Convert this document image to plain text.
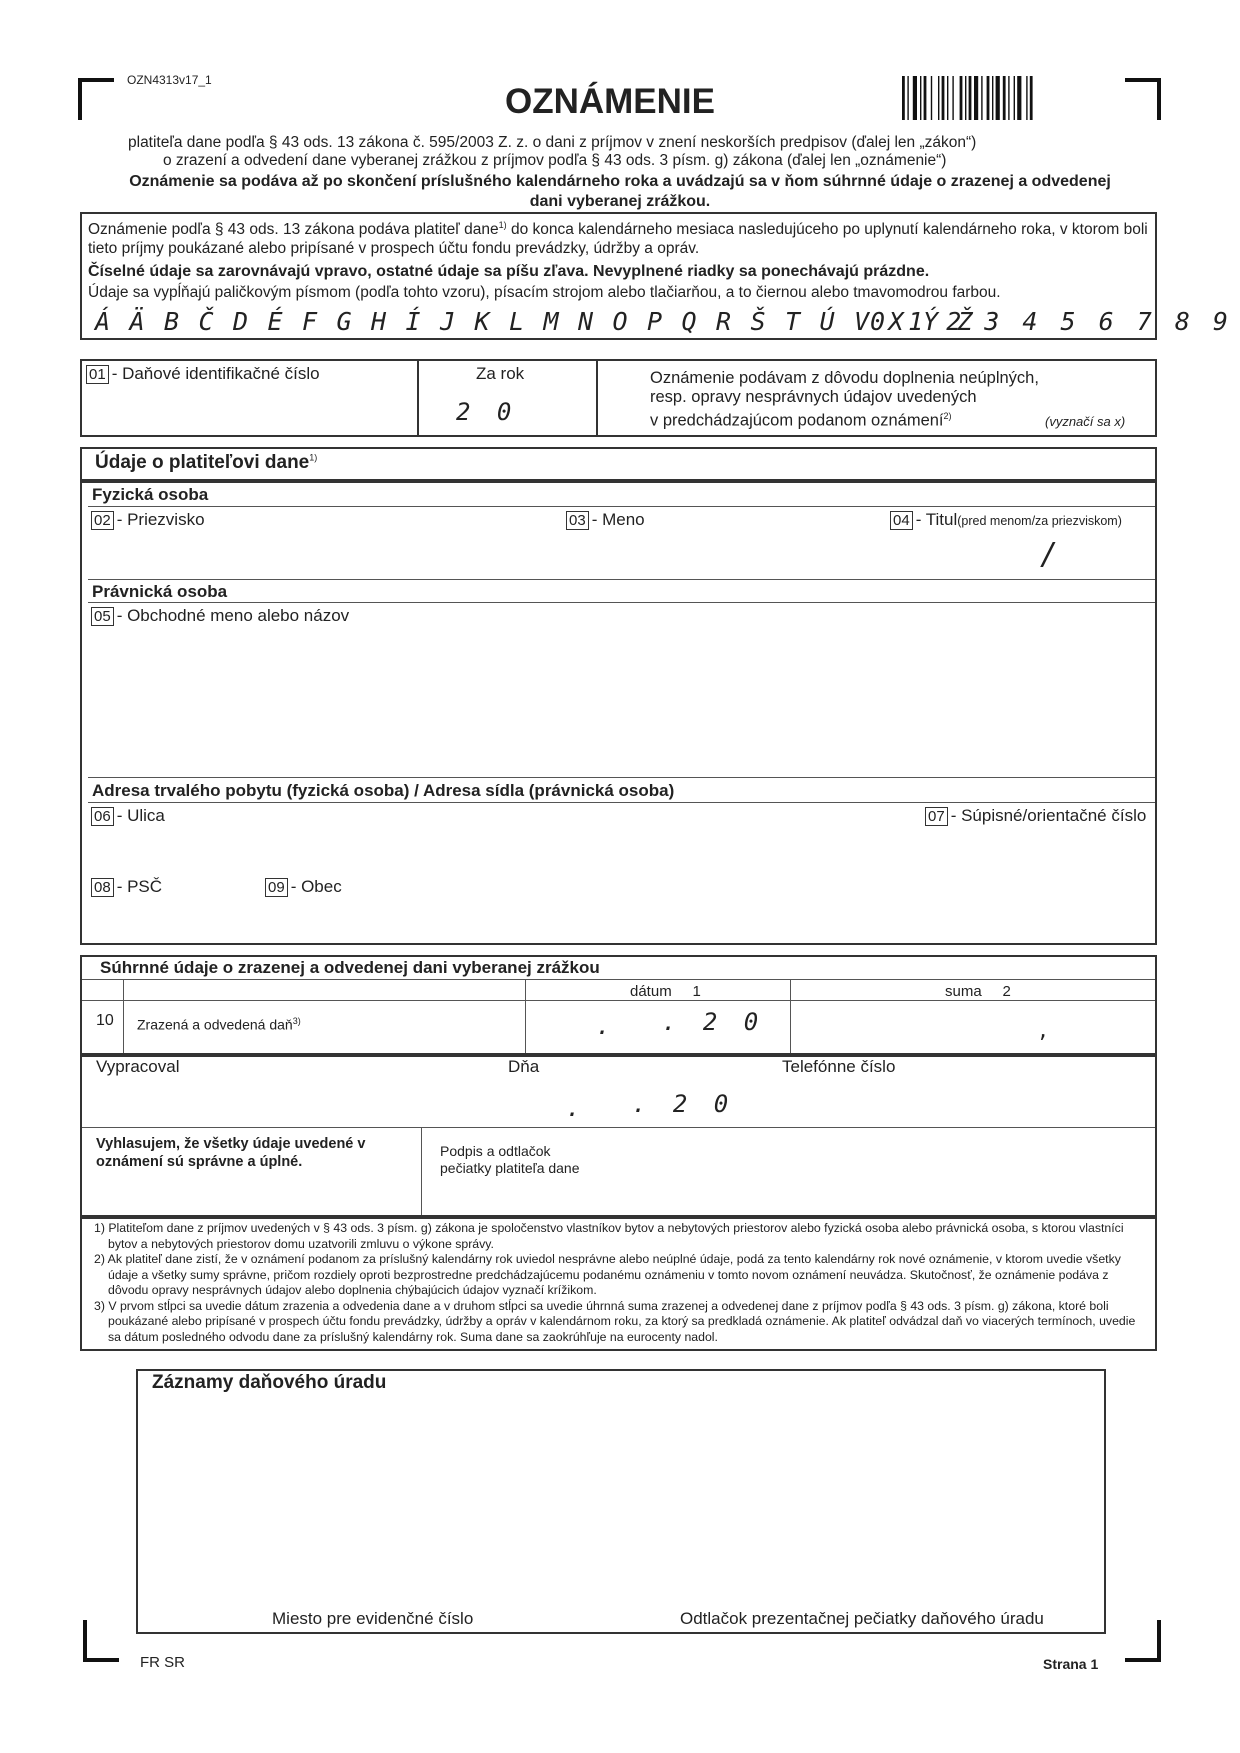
OZN4313v17_1
OZNÁMENIE
platiteľa dane podľa § 43 ods. 13 zákona č. 595/2003 Z. z. o dani z príjmov v znení neskorších predpisov (ďalej len „zákon“)
o zrazení a odvedení dane vyberanej zrážkou z príjmov podľa § 43 ods. 3 písm. g) zákona (ďalej len „oznámenie“)
Oznámenie sa podáva až po skončení príslušného kalendárneho roka a uvádzajú sa v ňom súhrnné údaje o zrazenej a odvedenej dani vyberanej zrážkou.
Oznámenie podľa § 43 ods. 13 zákona podáva platiteľ dane$^{1)}$ do konca kalendárneho mesiaca nasledujúceho po uplynutí kalendárneho roka, v ktorom boli tieto príjmy poukázané alebo pripísané v prospech účtu fondu prevádzky, údržby a opráv.
Číselné údaje sa zarovnávajú vpravo, ostatné údaje sa píšu zľava. Nevyplnené riadky sa ponechávajú prázdne.
Údaje sa vypĺňajú paličkovým písmom (podľa tohto vzoru), písacím strojom alebo tlačiarňou, a to čiernou alebo tmavomodrou farbou.
Á Ä B Č D É F G H Í J K L M N O P Q R Š T Ú V X Ý Ž
0 1 2 3 4 5 6 7 8 9
01 - Daňové identifikačné číslo	Za rok
2 0
Oznámenie podávam z dôvodu doplnenia neúplných,
resp. opravy nesprávnych údajov uvedených
v predchádzajúcom podanom oznámení$^{2)}$	(vyznačí sa x)
Údaje o platiteľovi dane$^{1)}$
Fyzická osoba
02 - Priezvisko	03 - Meno	04 - Titul(pred menom/za priezviskom)
/
Právnická osoba
05 - Obchodné meno alebo názov
Adresa trvalého pobytu (fyzická osoba) / Adresa sídla (právnická osoba)
06 - Ulica	07 - Súpisné/orientačné číslo
08 - PSČ	09 - Obec
Súhrnné údaje o zrazenej a odvedenej dani vyberanej zrážkou
dátum 1	suma 2
10 Zrazená a odvedená daň$^{3)}$	. . 2 0	,
Vypracoval	Dňa	Telefónne číslo
. . 2 0
Vyhlasujem, že všetky údaje uvedené v oznámení sú správne a úplné.
Podpis a odtlačok pečiatky platiteľa dane
1) Platiteľom dane z príjmov uvedených v § 43 ods. 3 písm. g) zákona je spoločenstvo vlastníkov bytov a nebytových priestorov alebo fyzická osoba alebo právnická osoba, s ktorou vlastníci bytov a nebytových priestorov domu uzatvorili zmluvu o výkone správy.
2) Ak platiteľ dane zistí, že v oznámení podanom za príslušný kalendárny rok uviedol nesprávne alebo neúplné údaje, podá za tento kalendárny rok nové oznámenie, v ktorom uvedie všetky údaje a všetky sumy správne, pričom rozdiely oproti bezprostredne predchádzajúcemu podanému oznámeniu v tomto novom oznámení neuvádza. Skutočnosť, že oznámenie podáva z dôvodu opravy nesprávnych údajov alebo doplnenia chýbajúcich údajov vyznačí krížikom.
3) V prvom stĺpci sa uvedie dátum zrazenia a odvedenia dane a v druhom stĺpci sa uvedie úhrnná suma zrazenej a odvedenej dane z príjmov podľa § 43 ods. 3 písm. g) zákona, ktoré boli poukázané alebo pripísané v prospech účtu fondu prevádzky, údržby a opráv v kalendárnom roku, za ktorý sa predkladá oznámenie. Ak platiteľ odvádzal daň vo viacerých termínoch, uvedie sa dátum posledného odvodu dane za príslušný kalendárny rok. Suma dane sa zaokrúhľuje na eurocenty nadol.
Záznamy daňového úradu
Miesto pre evidenčné číslo	Odtlačok prezentačnej pečiatky daňového úradu
FR SR	Strana 1
